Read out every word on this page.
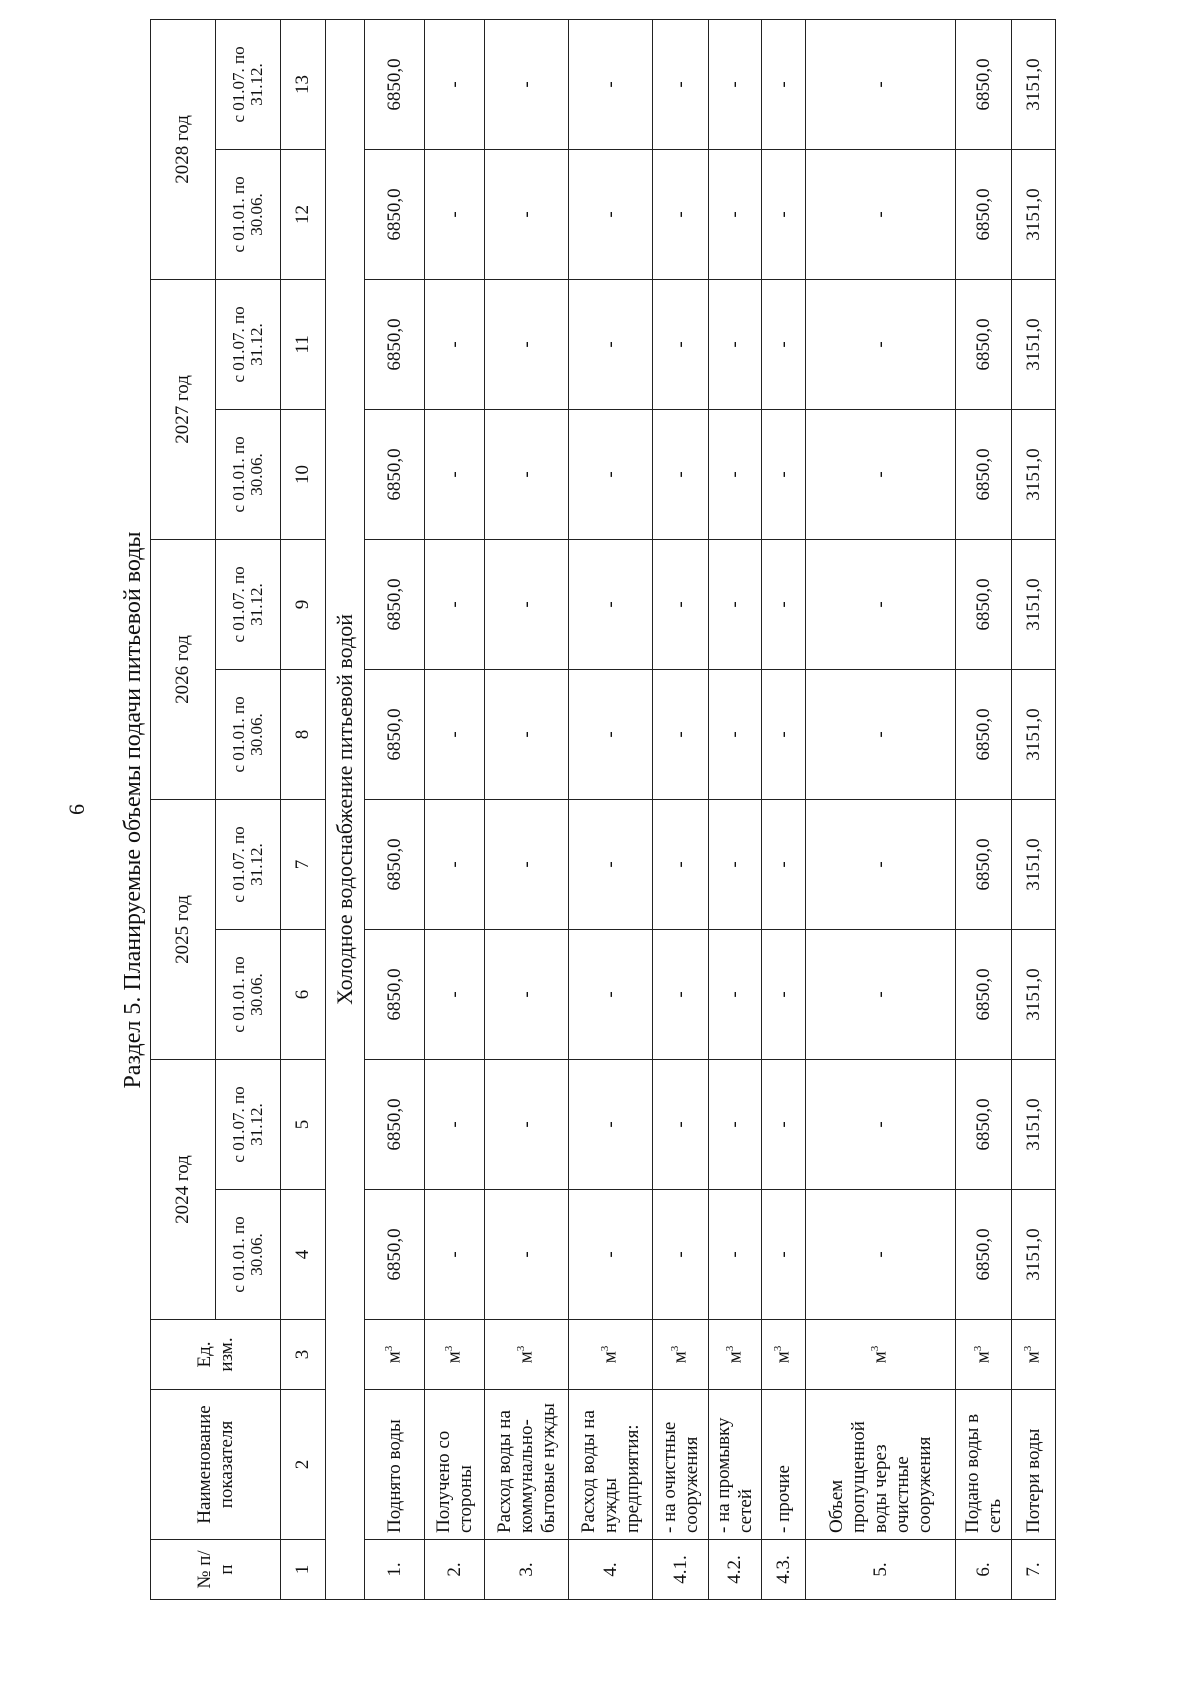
6 Раздел 5. Планируемые объемы подачи питьевой воды
№ п/п	Наименование показателя	Ед. изм.	2024 год		2025 год		2026 год		2027 год		2028 год	
			с 01.01. по 30.06.	с 01.07. по 31.12.	с 01.01. по 30.06.	с 01.07. по 31.12.	с 01.01. по 30.06.	с 01.07. по 31.12.	с 01.01. по 30.06.	с 01.07. по 31.12.	с 01.01. по 30.06.	с 01.07. по 31.12.
1	2	3	4	5	6	7	8	9	10	11	12	13
Холодное водоснабжение питьевой водой												
1.	Поднято воды	$м^3$	6850,0	6850,0	6850,0	6850,0	6850,0	6850,0	6850,0	6850,0	6850,0	6850,0
2.	Получено со стороны	$м^3$	-	-	-	-	-	-	-	-	-	-
3.	Расход воды на коммунально-бытовые нужды	$м^3$	-	-	-	-	-	-	-	-	-	-
4.	Расход воды на нужды предприятия:	$м^3$	-	-	-	-	-	-	-	-	-	-
4.1.	- на очистные сооружения	$м^3$	-	-	-	-	-	-	-	-	-	-
4.2.	- на промывку сетей	$м^3$	-	-	-	-	-	-	-	-	-	-
4.3.	- прочие	$м^3$	-	-	-	-	-	-	-	-	-	-
5.	Объем пропущенной воды через очистные сооружения	$м^3$	-	-	-	-	-	-	-	-	-	-
6.	Подано воды в сеть	$м^3$	6850,0	6850,0	6850,0	6850,0	6850,0	6850,0	6850,0	6850,0	6850,0	6850,0
7.	Потери воды	$м^3$	3151,0	3151,0	3151,0	3151,0	3151,0	3151,0	3151,0	3151,0	3151,0	3151,0
